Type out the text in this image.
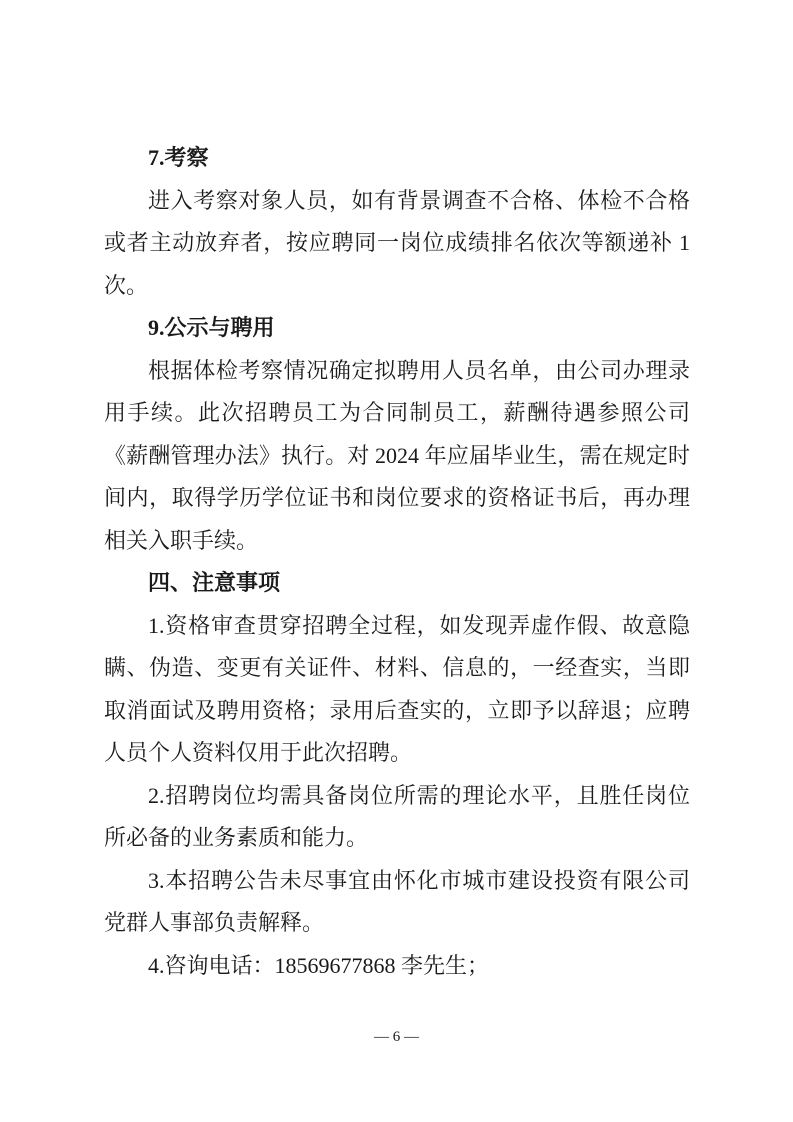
7.考察

进入考察对象人员，如有背景调查不合格、体检不合格或者主动放弃者，按应聘同一岗位成绩排名依次等额递补 1 次。

9.公示与聘用

根据体检考察情况确定拟聘用人员名单，由公司办理录用手续。此次招聘员工为合同制员工，薪酬待遇参照公司《薪酬管理办法》执行。对 2024 年应届毕业生，需在规定时间内，取得学历学位证书和岗位要求的资格证书后，再办理相关入职手续。

四、注意事项

1.资格审查贯穿招聘全过程，如发现弄虚作假、故意隐瞒、伪造、变更有关证件、材料、信息的，一经查实，当即取消面试及聘用资格；录用后查实的，立即予以辞退；应聘人员个人资料仅用于此次招聘。

2.招聘岗位均需具备岗位所需的理论水平，且胜任岗位所必备的业务素质和能力。

3.本招聘公告未尽事宜由怀化市城市建设投资有限公司党群人事部负责解释。

4.咨询电话：18569677868 李先生；

— 6 —
